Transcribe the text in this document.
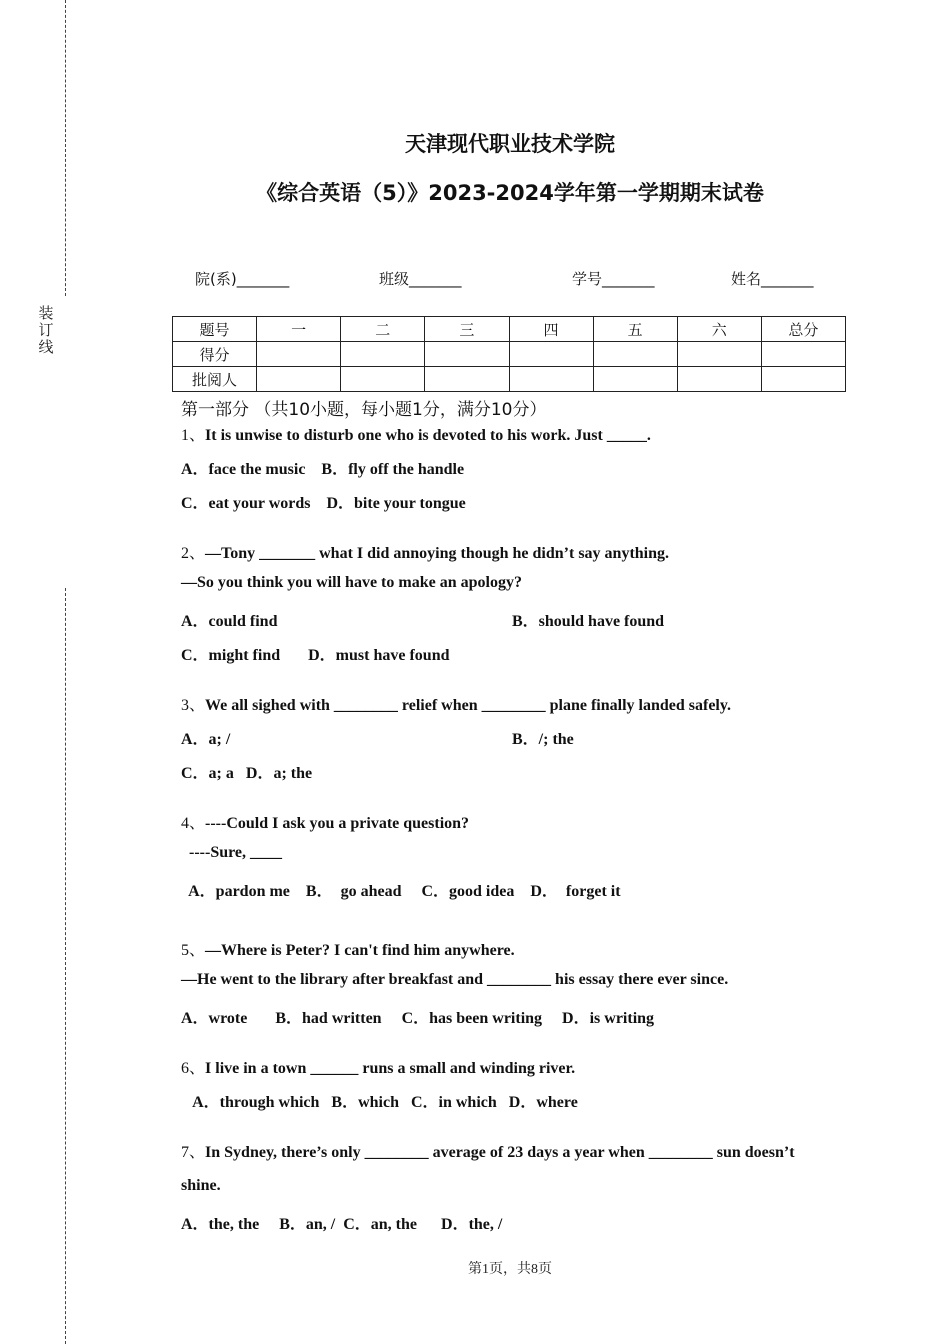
装订线
天津现代职业技术学院
《综合英语（5）》2023-2024学年第一学期期末试卷
院(系)_______	班级_______	学号_______	姓名_______
题号	一	二	三	四	五	六	总分
得分							
批阅人							
第一部分 （共10小题，每小题1分，满分10分）
1、It is unwise to disturb one who is devoted to his work. Just _____.
A．face the music    B．fly off the handle
C．eat your words    D．bite your tongue
2、—Tony _______ what I did annoying though he didn’t say anything.
—So you think you will have to make an apology?
A．could find	B．should have found
C．might find       D．must have found
3、We all sighed with ________ relief when ________ plane finally landed safely.
A．a; /	B．/; the
C．a; a   D．a; the
4、----Could I ask you a private question?
----Sure, ____
A．pardon me    B．  go ahead     C．good idea    D．  forget it
5、—Where is Peter? I can't find him anywhere.
—He went to the library after breakfast and ________ his essay there ever since.
A．wrote       B．had written     C．has been writing     D．is writing
6、I live in a town ______ runs a small and winding river.
A．through which   B．which   C．in which   D．where
7、In Sydney, there’s only ________ average of 23 days a year when ________ sun doesn’t
shine.
A．the, the     B．an, /  C．an, the      D．the, /
第1页，共8页
